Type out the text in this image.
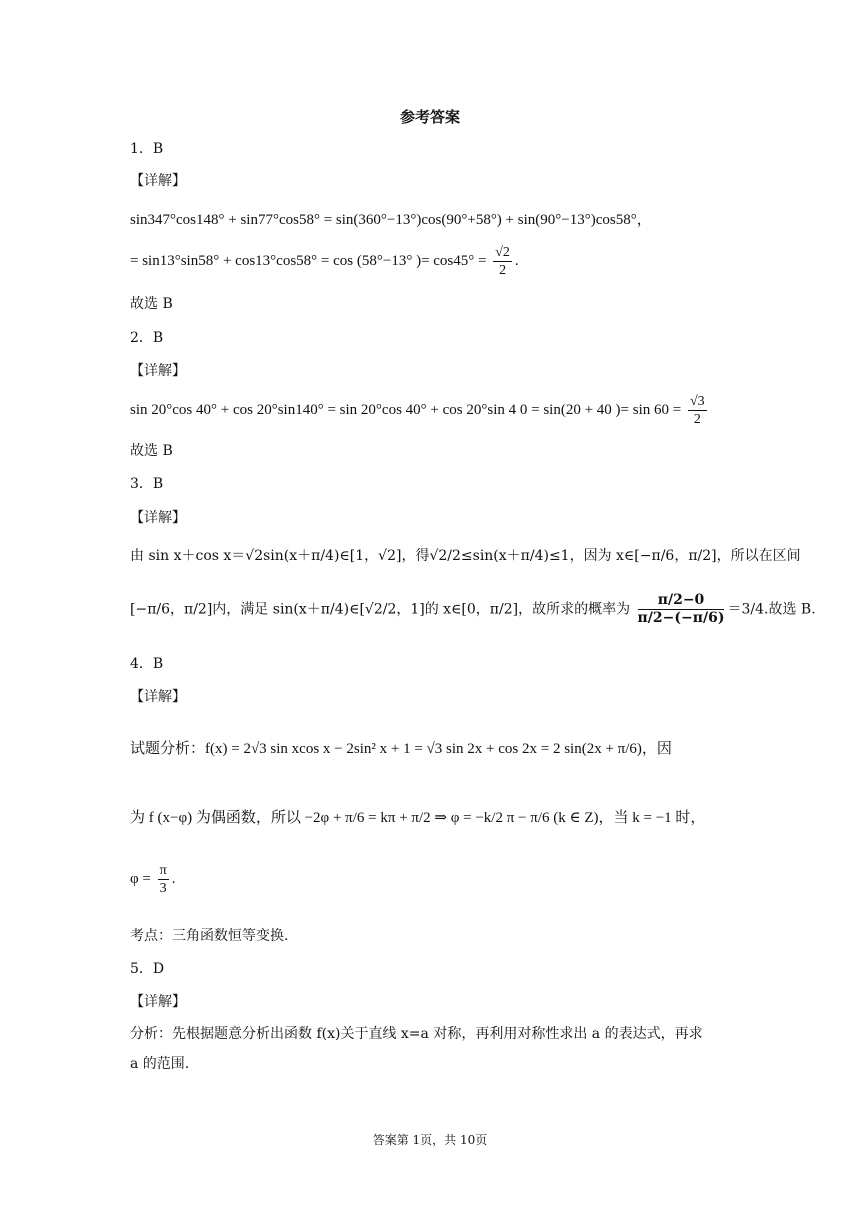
参考答案
1．B
【详解】
sin347°cos148° + sin77°cos58° = sin(360°−13°)cos(90°+58°) + sin(90°−13°)cos58°，
= sin13°sin58° + cos13°cos58° = cos (58°−13° )= $\cos 45^\circ = \frac{√2}{2}$ .
故选 B
2．B
【详解】
sin 20°cos 40° + cos 20°sin140° = sin 20°cos 40° + cos 20°sin 4 0 = sin(20 + 40 )= $\sin 60 = \frac{√3}{2}$
故选 B
3．B
【详解】
由 sin x＋cos x＝√2sin(x＋π/4)∈[1，√2]，得√2/2≤sin(x＋π/4)≤1，因为 x∈[−π/6，π/2]，所以在区间
[−π/6，π/2]内，满足 sin(x＋π/4)∈[√2/2，1]的 x∈[0，π/2]，故所求的概率为 $\frac{\pi/2-0}{\pi/2-(-\pi/6)} =3/4$.故选 B.
4．B
【详解】
试题分析：f(x) = 2√3 sin xcos x − 2sin² x + 1 = √3 sin 2x + cos 2x = 2 sin(2x + π/6)，因
为 f (x−φ) 为偶函数，所以 −2φ + π/6 = kπ + π/2 ⇒ φ = −k/2 π − π/6 (k ∈ Z)，当 k = −1 时，
$\varphi = \frac{\pi}{3}$ .
考点：三角函数恒等变换.
5．D
【详解】
分析：先根据题意分析出函数 f(x)关于直线 x=a 对称，再利用对称性求出 a 的表达式，再求
a 的范围.
答案第 1页，共 10页
